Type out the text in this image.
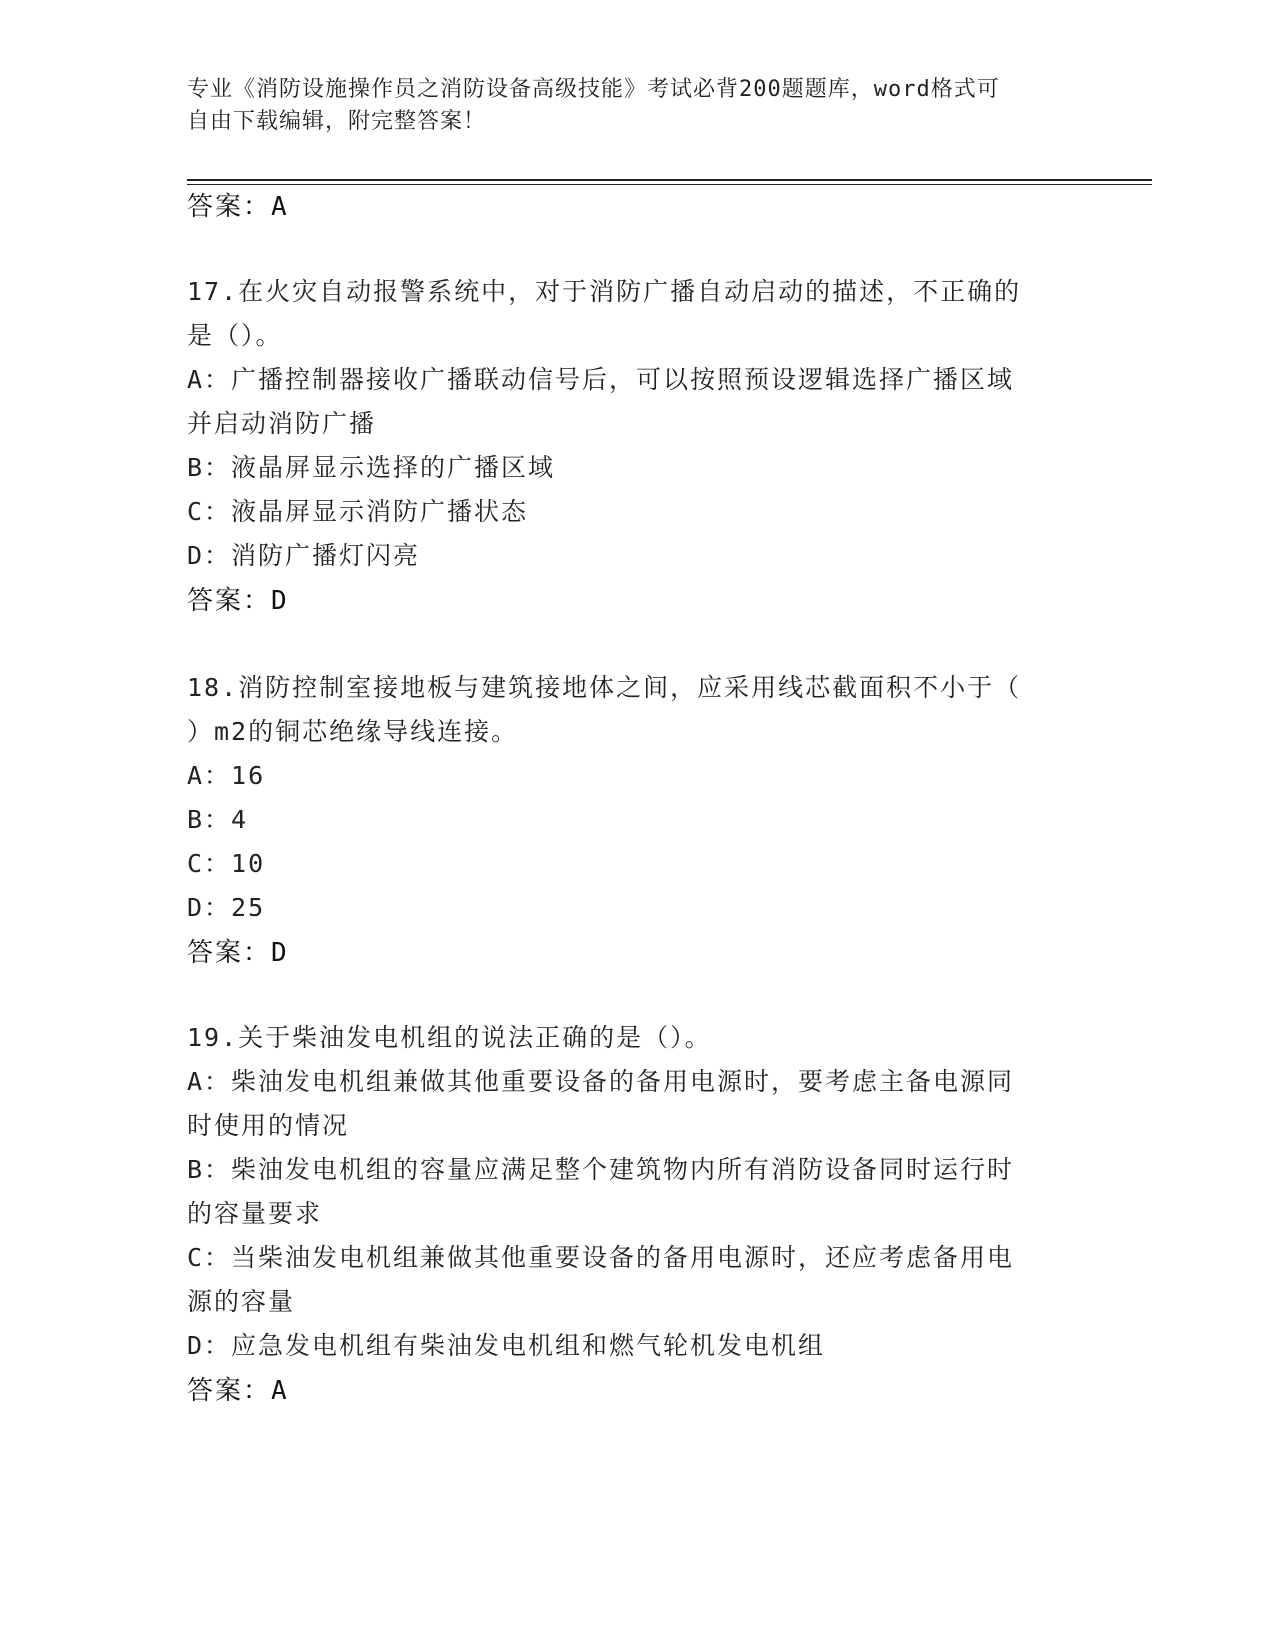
专业《消防设施操作员之消防设备高级技能》考试必背200题题库，word格式可
自由下载编辑，附完整答案！

答案：A

17.在火灾自动报警系统中，对于消防广播自动启动的描述，不正确的

是（）。

A：广播控制器接收广播联动信号后，可以按照预设逻辑选择广播区域

并启动消防广播

B：液晶屏显示选择的广播区域

C：液晶屏显示消防广播状态

D：消防广播灯闪亮

答案：D

18.消防控制室接地板与建筑接地体之间，应采用线芯截面积不小于（

）m2的铜芯绝缘导线连接。

A：16

B：4

C：10

D：25

答案：D

19.关于柴油发电机组的说法正确的是（）。

A：柴油发电机组兼做其他重要设备的备用电源时，要考虑主备电源同

时使用的情况

B：柴油发电机组的容量应满足整个建筑物内所有消防设备同时运行时

的容量要求

C：当柴油发电机组兼做其他重要设备的备用电源时，还应考虑备用电

源的容量

D：应急发电机组有柴油发电机组和燃气轮机发电机组

答案：A
